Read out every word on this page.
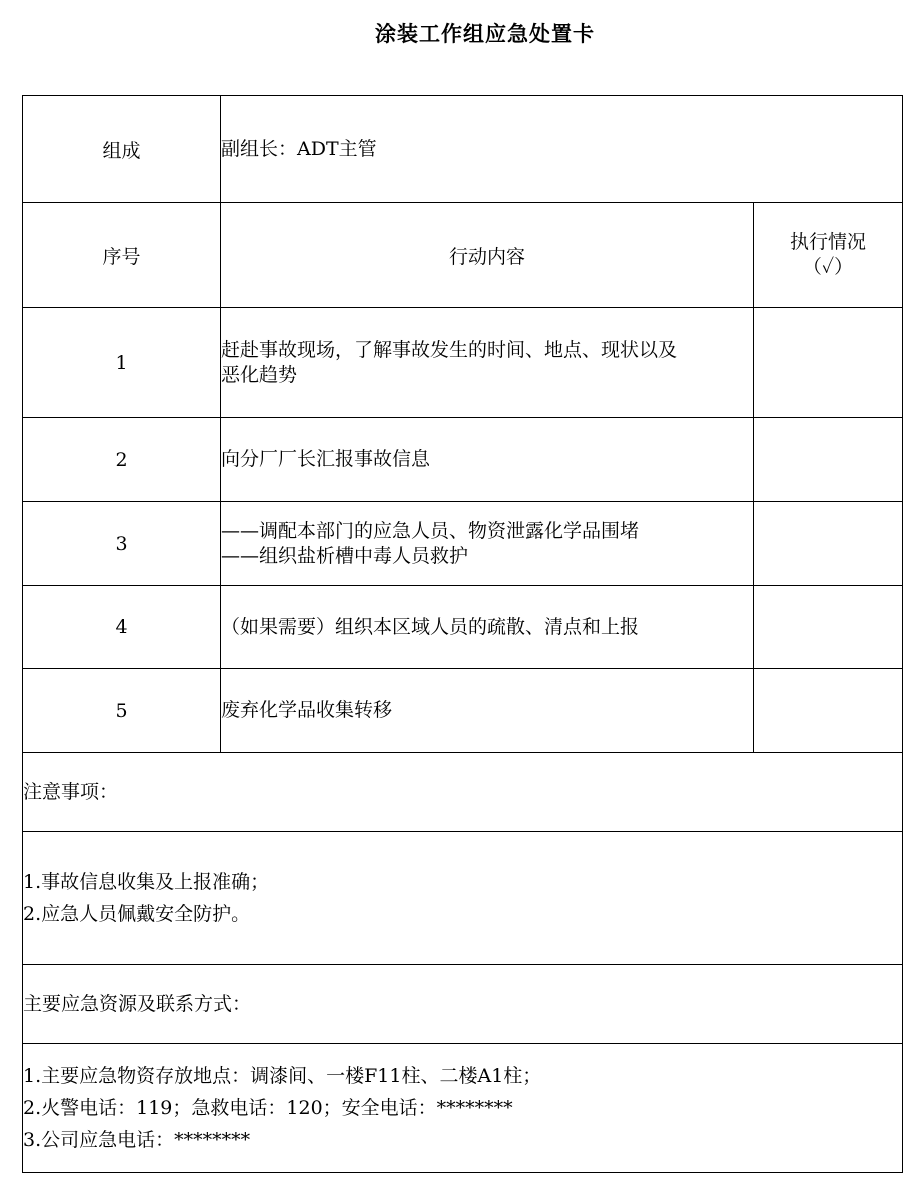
涂装工作组应急处置卡
组成	副组长：ADT主管	
序号	行动内容	执行情况
（✓）

1	赶赴事故现场，了解事故发生的时间、地点、现状以及
恶化趋势	
2	向分厂厂长汇报事故信息	
3	——调配本部门的应急人员、物资泄露化学品围堵
——组织盐析槽中毒人员救护	
4	（如果需要）组织本区域人员的疏散、清点和上报	
5	废弃化学品收集转移	
注意事项：		

1.事故信息收集及上报准确；
2.应急人员佩戴安全防护。		

主要应急资源及联系方式：		

1.主要应急物资存放地点：调漆间、一楼F11柱、二楼A1柱；
2.火警电话：119；急救电话：120；安全电话：********
3.公司应急电话：********		
